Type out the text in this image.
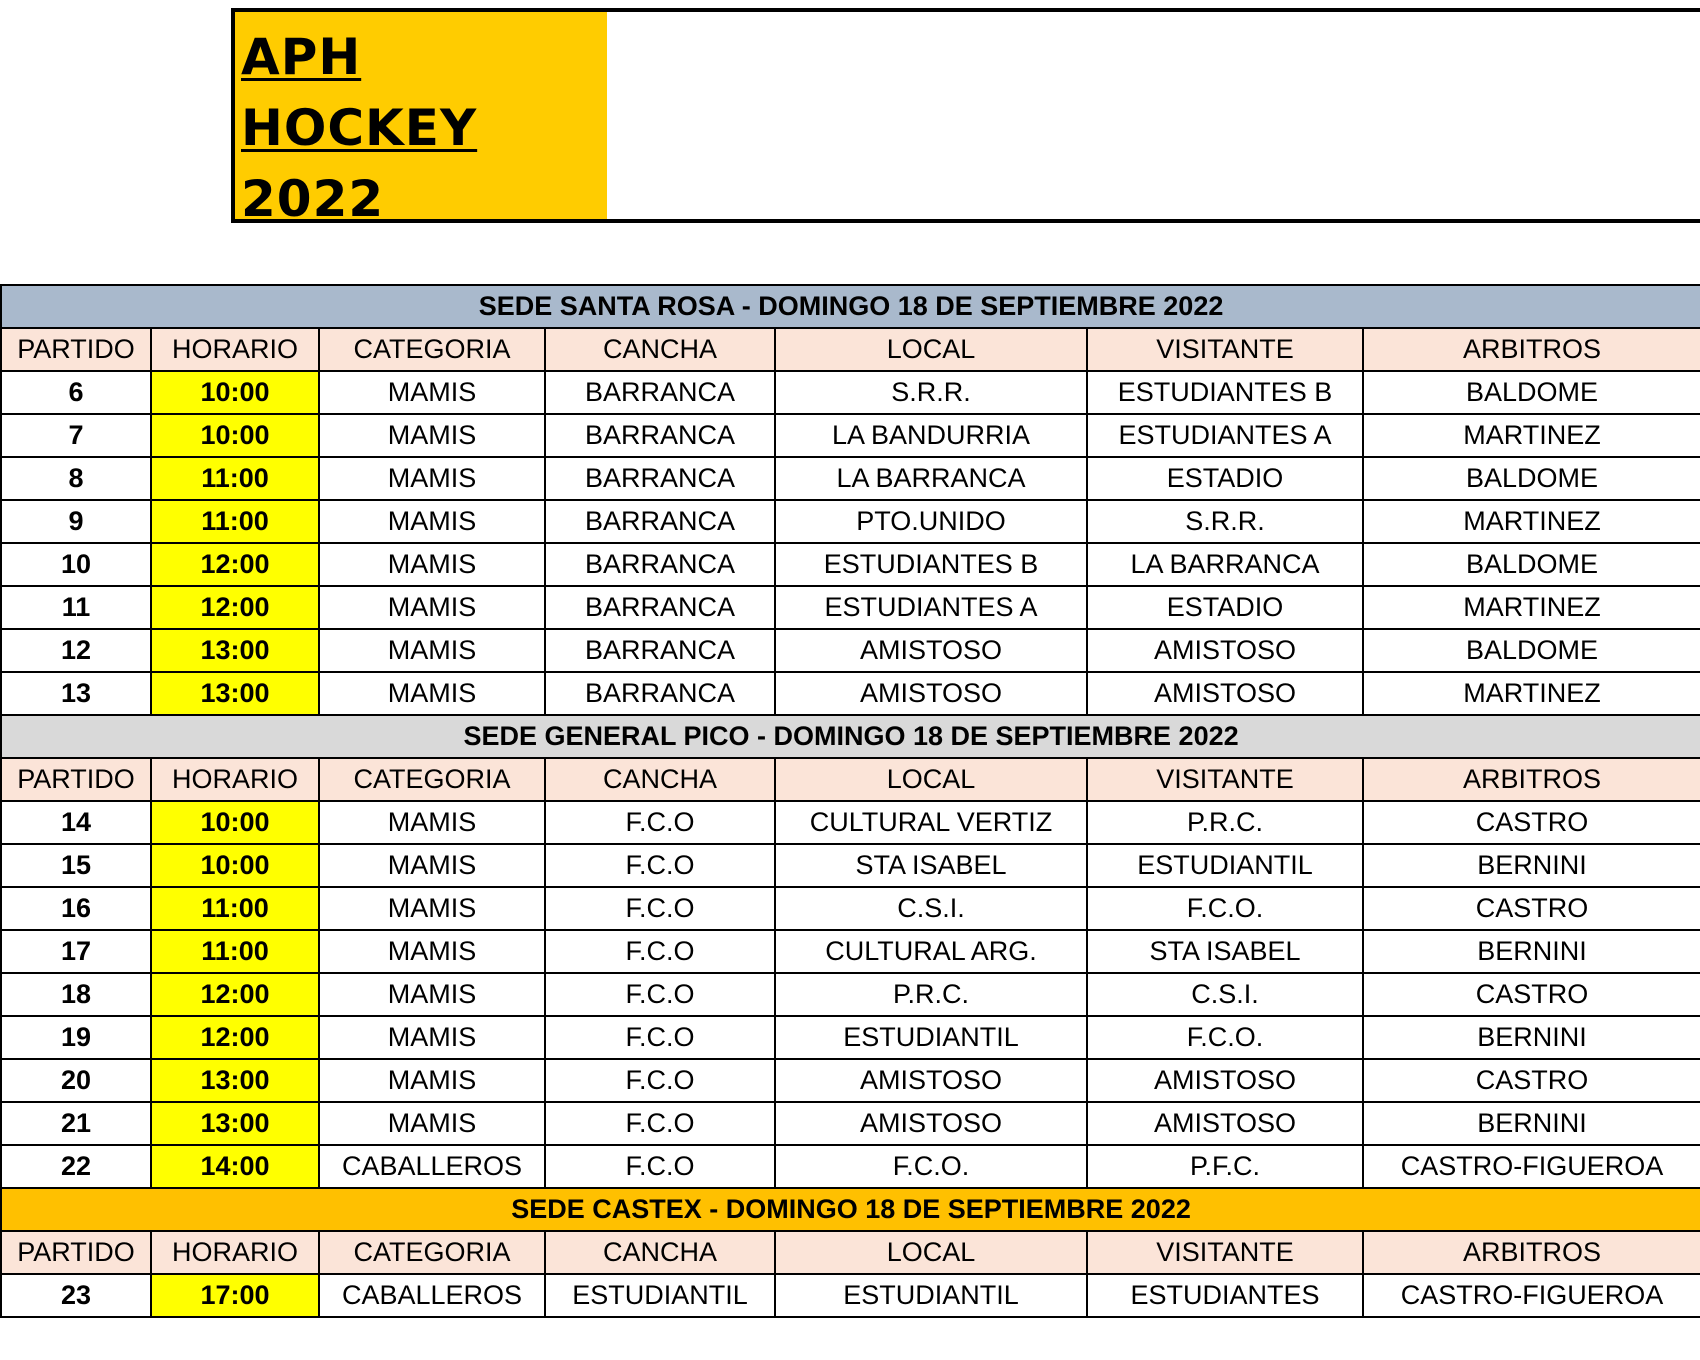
APH
HOCKEY
2022
SEDE SANTA ROSA - DOMINGO 18 DE SEPTIEMBRE 2022						
PARTIDO	HORARIO	CATEGORIA	CANCHA	LOCAL	VISITANTE	ARBITROS
6	10:00	MAMIS	BARRANCA	S.R.R.	ESTUDIANTES B	BALDOME
7	10:00	MAMIS	BARRANCA	LA BANDURRIA	ESTUDIANTES A	MARTINEZ
8	11:00	MAMIS	BARRANCA	LA BARRANCA	ESTADIO	BALDOME
9	11:00	MAMIS	BARRANCA	PTO.UNIDO	S.R.R.	MARTINEZ
10	12:00	MAMIS	BARRANCA	ESTUDIANTES B	LA BARRANCA	BALDOME
11	12:00	MAMIS	BARRANCA	ESTUDIANTES A	ESTADIO	MARTINEZ
12	13:00	MAMIS	BARRANCA	AMISTOSO	AMISTOSO	BALDOME
13	13:00	MAMIS	BARRANCA	AMISTOSO	AMISTOSO	MARTINEZ
SEDE GENERAL PICO - DOMINGO 18 DE SEPTIEMBRE 2022						
PARTIDO	HORARIO	CATEGORIA	CANCHA	LOCAL	VISITANTE	ARBITROS
14	10:00	MAMIS	F.C.O	CULTURAL VERTIZ	P.R.C.	CASTRO
15	10:00	MAMIS	F.C.O	STA ISABEL	ESTUDIANTIL	BERNINI
16	11:00	MAMIS	F.C.O	C.S.I.	F.C.O.	CASTRO
17	11:00	MAMIS	F.C.O	CULTURAL ARG.	STA ISABEL	BERNINI
18	12:00	MAMIS	F.C.O	P.R.C.	C.S.I.	CASTRO
19	12:00	MAMIS	F.C.O	ESTUDIANTIL	F.C.O.	BERNINI
20	13:00	MAMIS	F.C.O	AMISTOSO	AMISTOSO	CASTRO
21	13:00	MAMIS	F.C.O	AMISTOSO	AMISTOSO	BERNINI
22	14:00	CABALLEROS	F.C.O	F.C.O.	P.F.C.	CASTRO-FIGUEROA
SEDE CASTEX - DOMINGO 18 DE SEPTIEMBRE 2022						
PARTIDO	HORARIO	CATEGORIA	CANCHA	LOCAL	VISITANTE	ARBITROS
23	17:00	CABALLEROS	ESTUDIANTIL	ESTUDIANTIL	ESTUDIANTES	CASTRO-FIGUEROA
